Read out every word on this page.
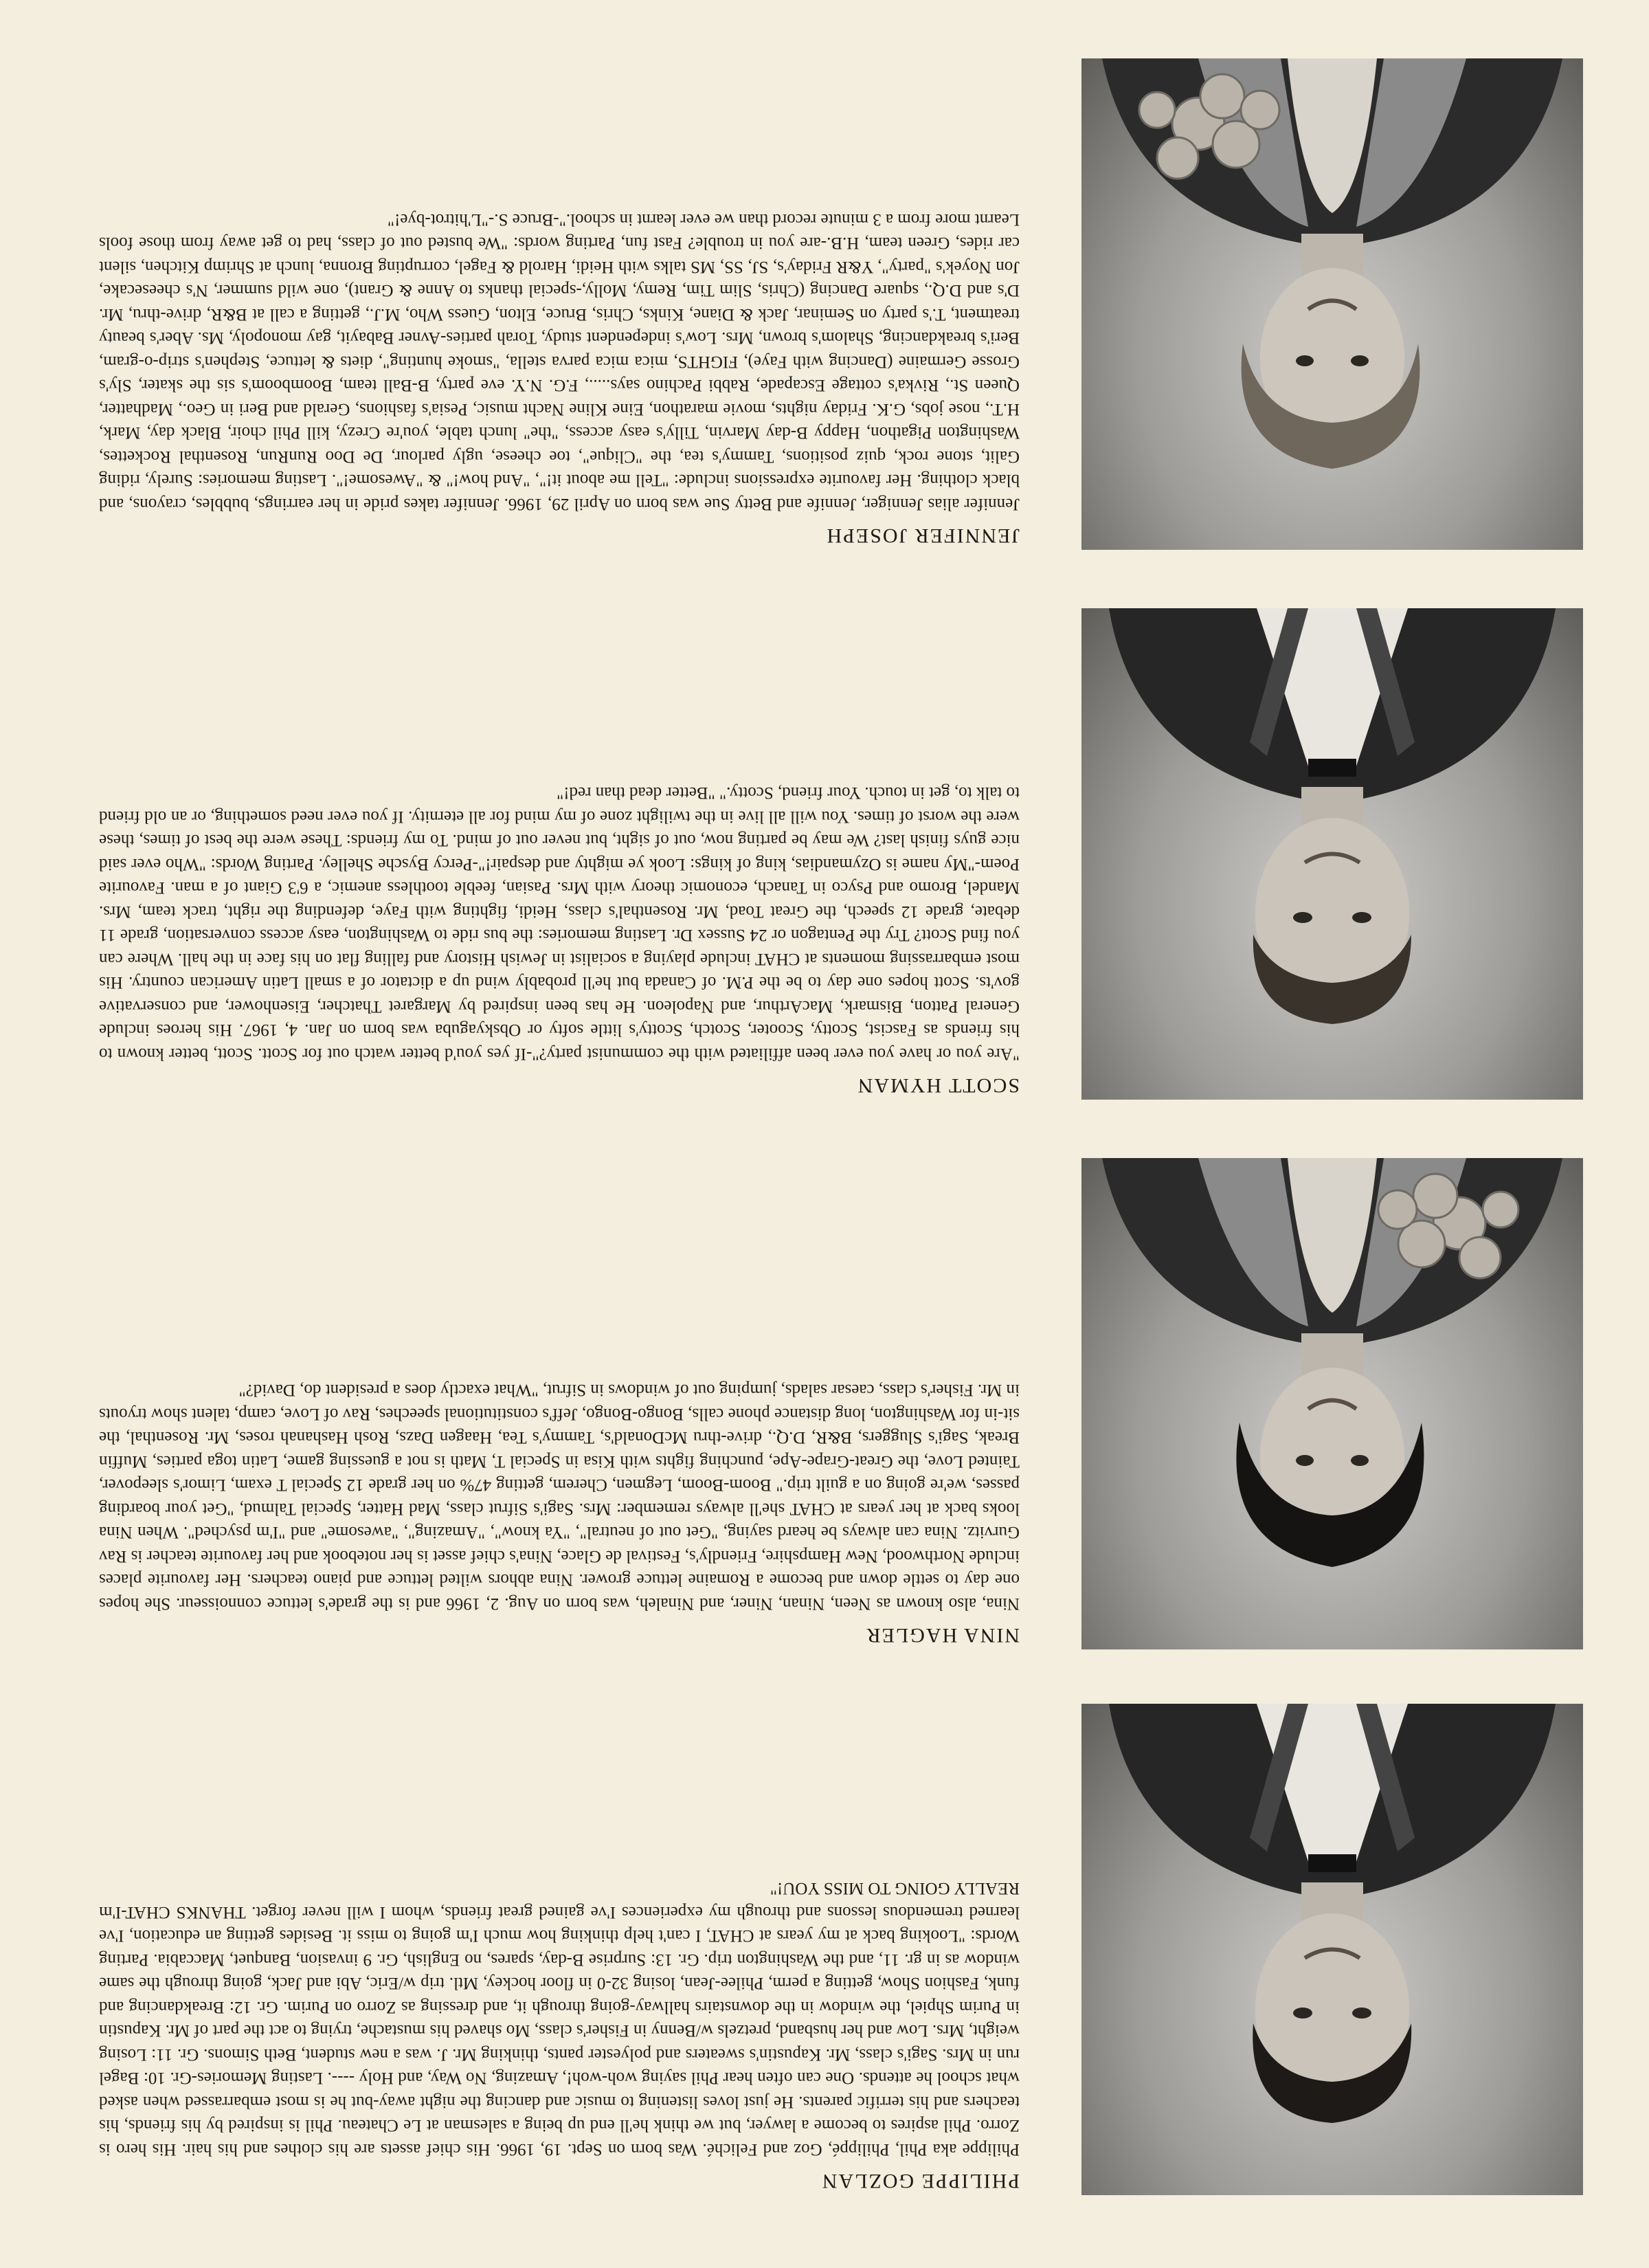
PHILIPPE GOZLAN

Philippe aka Phil, Philippé, Goz and Feliché. Was born on Sept. 19, 1966. His chief assets are his clothes and his hair. His hero is Zorro. Phil aspires to become a lawyer, but we think he'll end up being a salesman at Le Chateau. Phil is inspired by his friends, his teachers and his terrific parents. He just loves listening to music and dancing the night away-but he is most embarrassed when asked what school he attends. One can often hear Phil saying woh-woh!, Amazing, No Way, and Holy ----. Lasting Memories-Gr. 10: Bagel run in Mrs. Sagi's class, Mr. Kapustin's sweaters and polyester pants, thinking Mr. J. was a new student, Beth Simons. Gr. 11: Losing weight, Mrs. Low and her husband, pretzels w/Benny in Fisher's class, Mo shaved his mustache, trying to act the part of Mr. Kapustin in Purim Shpiel, the window in the downstairs hallway-going through it, and dressing as Zorro on Purim. Gr. 12: Breakdancing and funk, Fashion Show, getting a perm, Philee-Jean, losing 32-0 in floor hockey, Mtl. trip w/Eric, Abi and Jack, going through the same window as in gr. 11, and the Washington trip. Gr. 13: Surprise B-day, spares, no English, Gr. 9 invasion, Banquet, Maccabia. Parting Words: "Looking back at my years at CHAT, I can't help thinking how much I'm going to miss it. Besides getting an education, I've learned tremendous lessons and through my experiences I've gained great friends, whom I will never forget. THANKS CHAT-I'm REALLY GOING TO MISS YOU!"

NINA HAGLER

Nina, also known as Neen, Ninan, Niner, and Ninaleh, was born on Aug. 2, 1966 and is the grade's lettuce connoisseur. She hopes one day to settle down and become a Romaine lettuce grower. Nina abhors wilted lettuce and piano teachers. Her favourite places include Northwood, New Hampshire, Friendly's, Festival de Glace, Nina's chief asset is her notebook and her favourite teacher is Rav Gurvitz. Nina can always be heard saying, "Get out of neutral", "Ya know", "Amazing", "awesome" and "I'm psyched". When Nina looks back at her years at CHAT she'll always remember: Mrs. Sagi's Sifrut class, Mad Hatter, Special Talmud, "Get your boarding passes, we're going on a guilt trip." Boom-Boom, Legmen, Cherem, getting 47% on her grade 12 Special T exam, Limor's sleepover, Tainted Love, the Great-Grape-Ape, punching fights with Kisa in Special T, Math is not a guessing game, Latin toga parties, Muffin Break, Sagi's Sluggers, B&R, D.Q., drive-thru McDonald's, Tammy's Tea, Haagen Dazs, Rosh Hashanah roses, Mr. Rosenthal, the sit-in for Washington, long distance phone calls, Bongo-Bongo, Jeff's constitutional speeches, Rav of Love, camp, talent show tryouts in Mr. Fisher's class, caesar salads, jumping out of windows in Sifrut, "What exactly does a president do, David?"

SCOTT HYMAN

"Are you or have you ever been affiliated with the communist party?"-If yes you'd better watch out for Scott. Scott, better known to his friends as Fascist, Scotty, Scooter, Scotch, Scotty's little softy or Obskyaguba was born on Jan. 4, 1967. His heroes include General Patton, Bismark, MacArthur, and Napoleon. He has been inspired by Margaret Thatcher, Eisenhower, and conservative gov'ts. Scott hopes one day to be the P.M. of Canada but he'll probably wind up a dictator of a small Latin American country. His most embarrassing moments at CHAT include playing a socialist in Jewish History and falling flat on his face in the hall. Where can you find Scott? Try the Pentagon or 24 Sussex Dr. Lasting memories: the bus ride to Washington, easy access conversation, grade 11 debate, grade 12 speech, the Great Toad, Mr. Rosenthal's class, Heidi, fighting with Faye, defending the right, track team, Mrs. Mandel, Bromo and Psyco in Tanach, economic theory with Mrs. Pasian, feeble toothless anemic, a 6'3 Giant of a man. Favourite Poem-"My name is Ozymandias, king of kings: Look ye mighty and despair!"-Percy Bysche Shelley. Parting Words: "Who ever said nice guys finish last? We may be parting now, out of sight, but never out of mind. To my friends: These were the best of times, these were the worst of times. You will all live in the twilight zone of my mind for all eternity. If you ever need something, or an old friend to talk to, get in touch. Your friend, Scotty." "Better dead than red!"

JENNIFER JOSEPH

Jennifer alias Jenniger, Jennife and Betty Sue was born on April 29, 1966. Jennifer takes pride in her earrings, bubbles, crayons, and black clothing. Her favourite expressions include: "Tell me about it!", "And how!" & "Awesome!". Lasting memories: Surely, riding Galit, stone rock, quiz positions, Tammy's tea, the "Clique", toe cheese, ugly parlour, De Doo RunRun, Rosenthal Rockettes, Washington Pigathon, Happy B-day Marvin, Tilly's easy access, "the" lunch table, you're Crezy, kill Phil choir, Black day, Mark, H.T., nose jobs, G.K. Friday nights, movie marathon, Eine Kline Nacht music, Pesia's fashions, Gerald and Beri in Geo., Madhatter, Queen St., Rivka's cottage Escapade, Rabbi Pachino says....., F.G. N.Y. eve party, B-Ball team, Boomboom's sis the skater, Sly's Grosse Germaine (Dancing with Faye), FIGHTS, mica mica parva stella, "smoke hunting", diets & lettuce, Stephen's strip-o-gram, Beri's breakdancing, Shalom's brown, Mrs. Low's independent study, Torah parties-Avner Babayit, gay monopoly, Ms. Aber's beauty treatment, T.'s party on Seminar, Jack & Diane, Kinks, Chris, Bruce, Elton, Guess Who, M.J., getting a call at B&R, drive-thru, Mr. D's and D.Q., square Dancing (Chris, Slim Tim, Remy, Molly,-special thanks to Anne & Grant), one wild summer, N's cheesecake, Jon Noyek's "party", Y&R Friday's, SJ, SS, MS talks with Heidi, Harold & Fagel, corrupting Bronna, lunch at Shrimp Kitchen, silent car rides, Green team, H.B.-are you in trouble? Fast fun, Parting words: "We busted out of class, had to get away from those fools Learnt more from a 3 minute record than we ever learnt in school."-Bruce S.-"L'hitrot-bye!"
